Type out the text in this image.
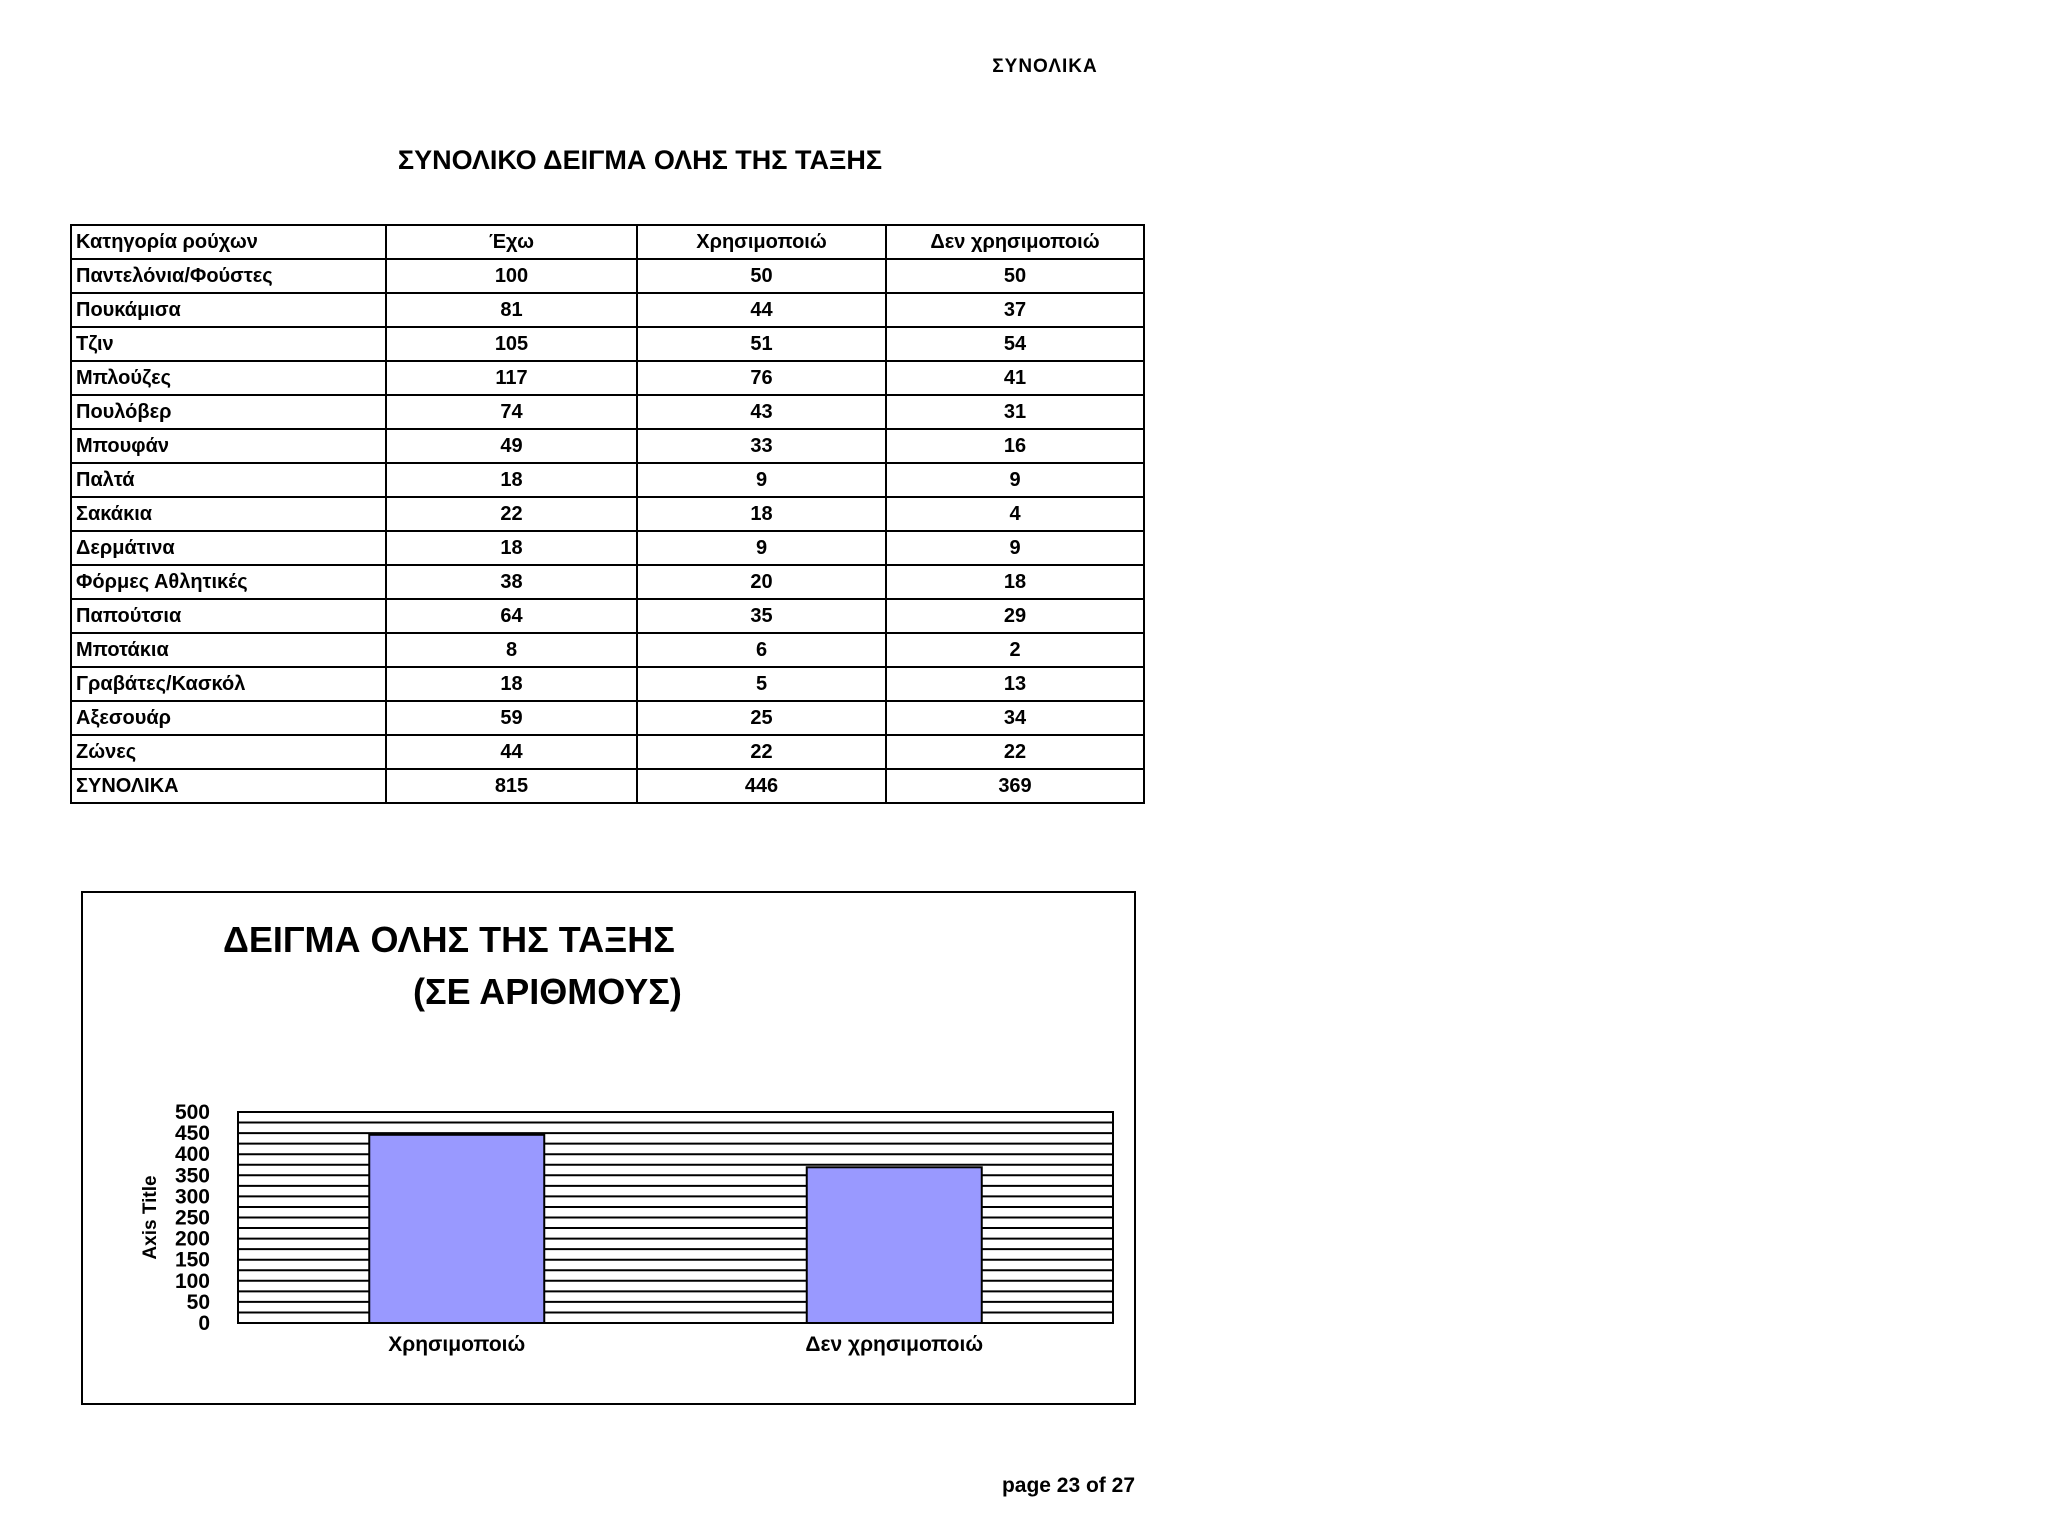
ΣΥΝΟΛΙΚΑ
ΣΥΝΟΛΙΚΟ ΔΕΙΓΜΑ ΟΛΗΣ ΤΗΣ ΤΑΞΗΣ
Κατηγορία ρούχων	Έχω	Χρησιμοποιώ	Δεν χρησιμοποιώ
Παντελόνια/Φούστες	100	50	50
Πουκάμισα	81	44	37
Τζιν	105	51	54
Μπλούζες	117	76	41
Πουλόβερ	74	43	31
Μπουφάν	49	33	16
Παλτά	18	9	9
Σακάκια	22	18	4
Δερμάτινα	18	9	9
Φόρμες Αθλητικές	38	20	18
Παπούτσια	64	35	29
Μποτάκια	8	6	2
Γραβάτες/Κασκόλ	18	5	13
Αξεσουάρ	59	25	34
Ζώνες	44	22	22
ΣΥΝΟΛΙΚΑ	815	446	369
ΔΕΙΓΜΑ ΟΛΗΣ ΤΗΣ ΤΑΞΗΣ
(ΣΕ ΑΡΙΘΜΟΥΣ)
0
50
100
150
200
250
300
350
400
450
500
Axis Title
Χρησιμοποιώ	Δεν χρησιμοποιώ
page 23 of 27
